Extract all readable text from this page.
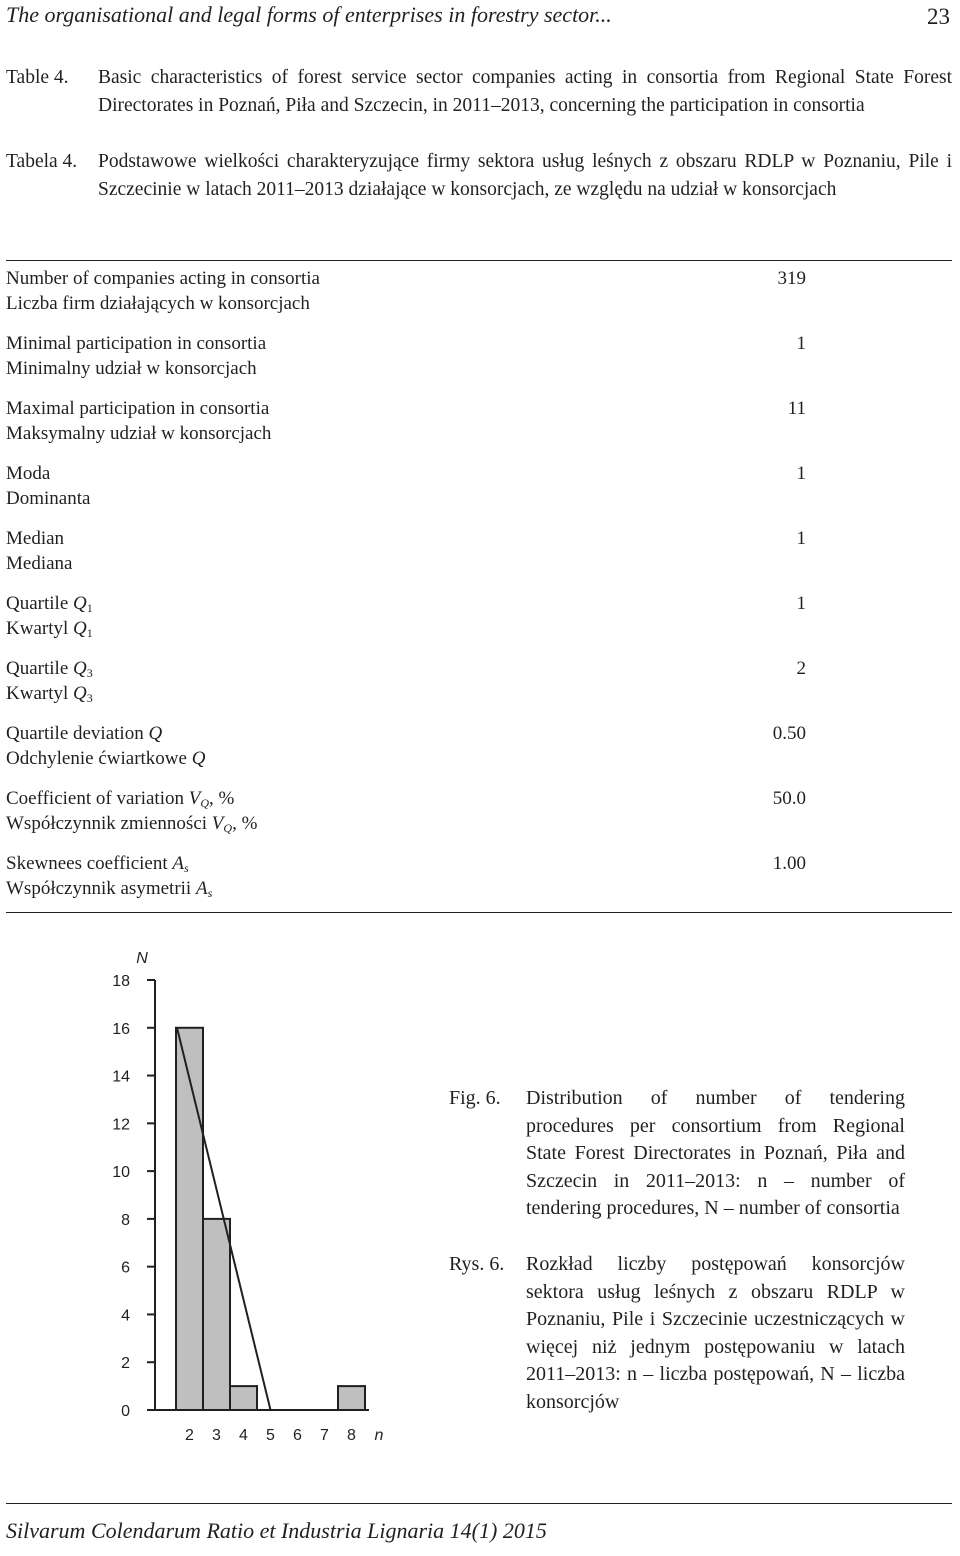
The organisational and legal forms of enterprises in forestry sector...	23
Table 4. Basic characteristics of forest service sector companies acting in consortia from Regional State Forest Directorates in Poznań, Piła and Szczecin, in 2011–2013, concerning the participation in consortia
Tabela 4. Podstawowe wielkości charakteryzujące firmy sektora usług leśnych z obszaru RDLP w Poznaniu, Pile i Szczecinie w latach 2011–2013 działające w konsorcjach, ze względu na udział w konsorcjach
Number of companies acting in consortia
Liczba firm działających w konsorcjach
319
Minimal participation in consortia
Minimalny udział w konsorcjach
1
Maximal participation in consortia
Maksymalny udział w konsorcjach
11
Moda
Dominanta
1
Median
Mediana
1
Quartile $Q_1$
Kwartyl $Q_1$
1
Quartile $Q_3$
Kwartyl $Q_3$
2
Quartile deviation Q
Odchylenie ćwiartkowe Q
0.50
Coefficient of variation $V_Q$, %
Współczynnik zmienności $V_Q$, %
50.0
Skewnees coefficient $A_s$
Współczynnik asymetrii $A_s$
1.00
0
2
4
6
8
10
12
14
16
18
2 3 4 5 6 7 8
N
n
Fig. 6. Distribution of number of tendering procedures per consortium from Regional State Forest Directorates in Poznań, Piła and Szczecin in 2011–2013: n – number of tendering procedures, N – number of consortia
Rys. 6. Rozkład liczby postępowań konsorcjów sektora usług leśnych z obszaru RDLP w Poznaniu, Pile i Szczecinie uczestniczących w więcej niż jednym postępowaniu w latach 2011–2013: n – liczba postępowań, N – liczba konsorcjów
Silvarum Colendarum Ratio et Industria Lignaria 14(1) 2015
